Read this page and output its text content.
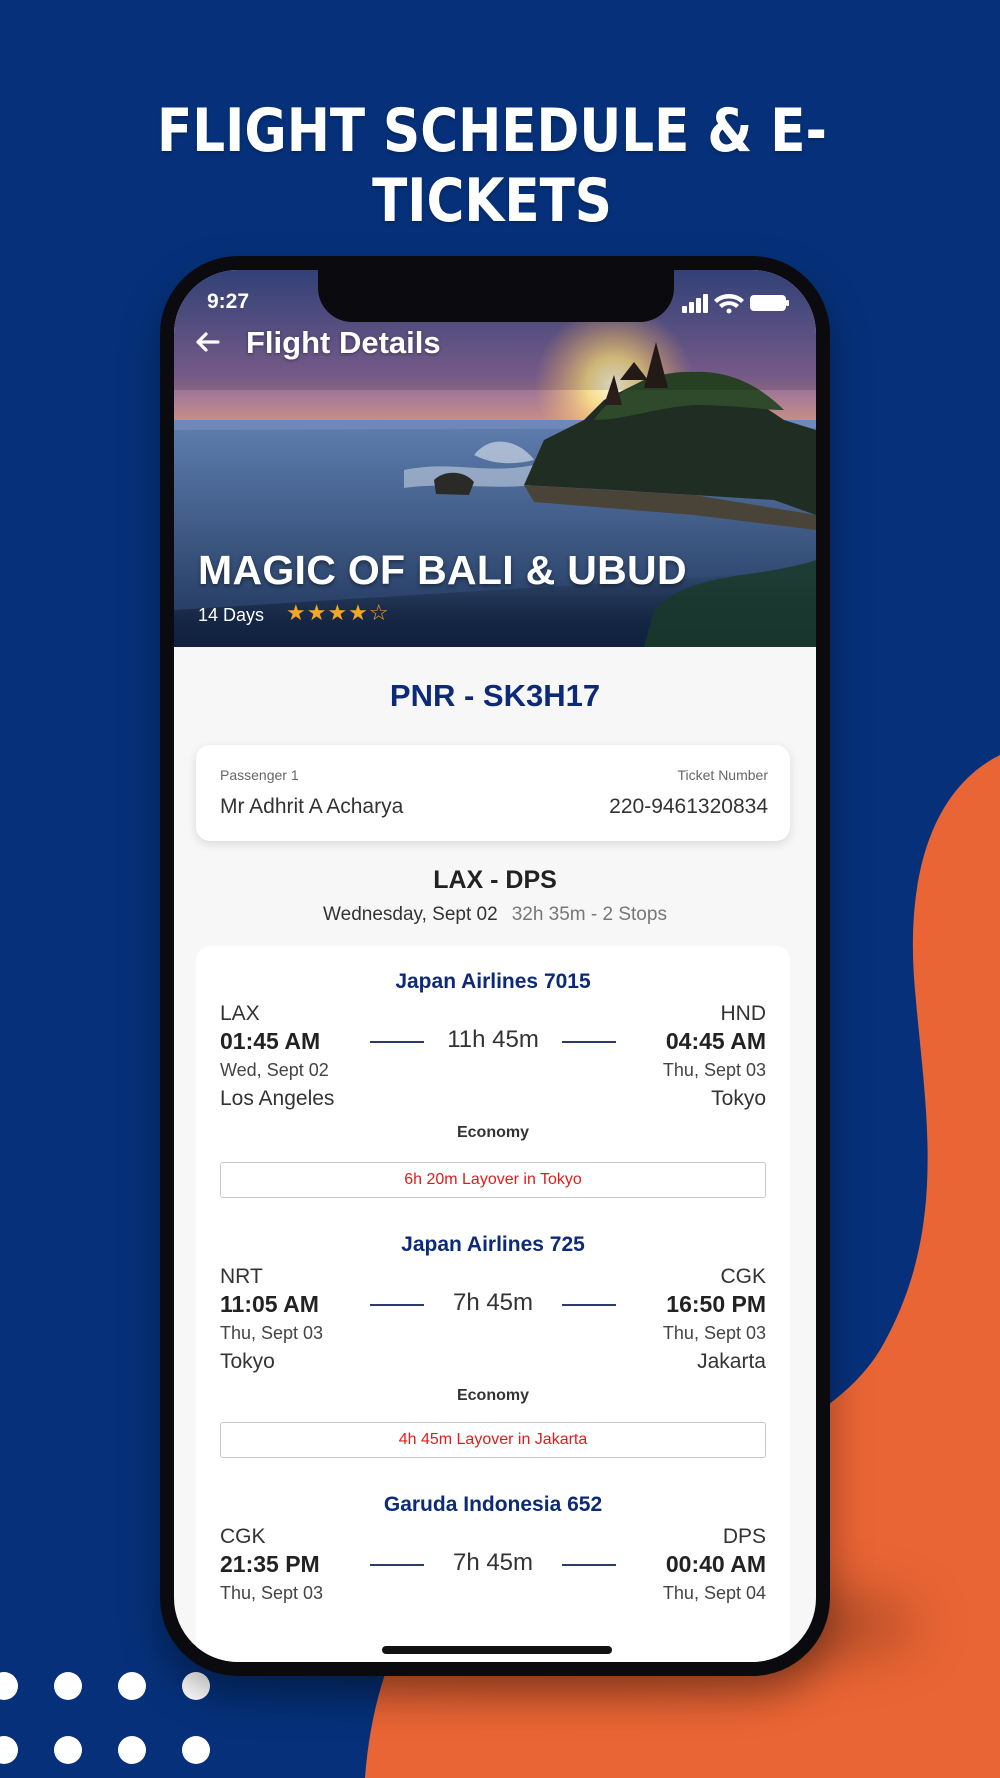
FLIGHT SCHEDULE & E-TICKETS
9:27
Flight Details
MAGIC OF BALI & UBUD
14 Days ★★★★☆
PNR - SK3H17
Passenger 1	Ticket Number
Mr Adhrit A Acharya	220-9461320834
LAX - DPS
Wednesday, Sept 02 32h 35m - 2 Stops
Japan Airlines 7015
LAX	HND
01:45 AM	04:45 AM
11h 45m
Wed, Sept 02	Thu, Sept 03
Los Angeles	Tokyo
Economy
6h 20m Layover in Tokyo
Japan Airlines 725
NRT	CGK
11:05 AM	16:50 PM
7h 45m
Thu, Sept 03	Thu, Sept 03
Tokyo	Jakarta
Economy
4h 45m Layover in Jakarta
Garuda Indonesia 652
CGK	DPS
21:35 PM	00:40 AM
7h 45m
Thu, Sept 03	Thu, Sept 04
